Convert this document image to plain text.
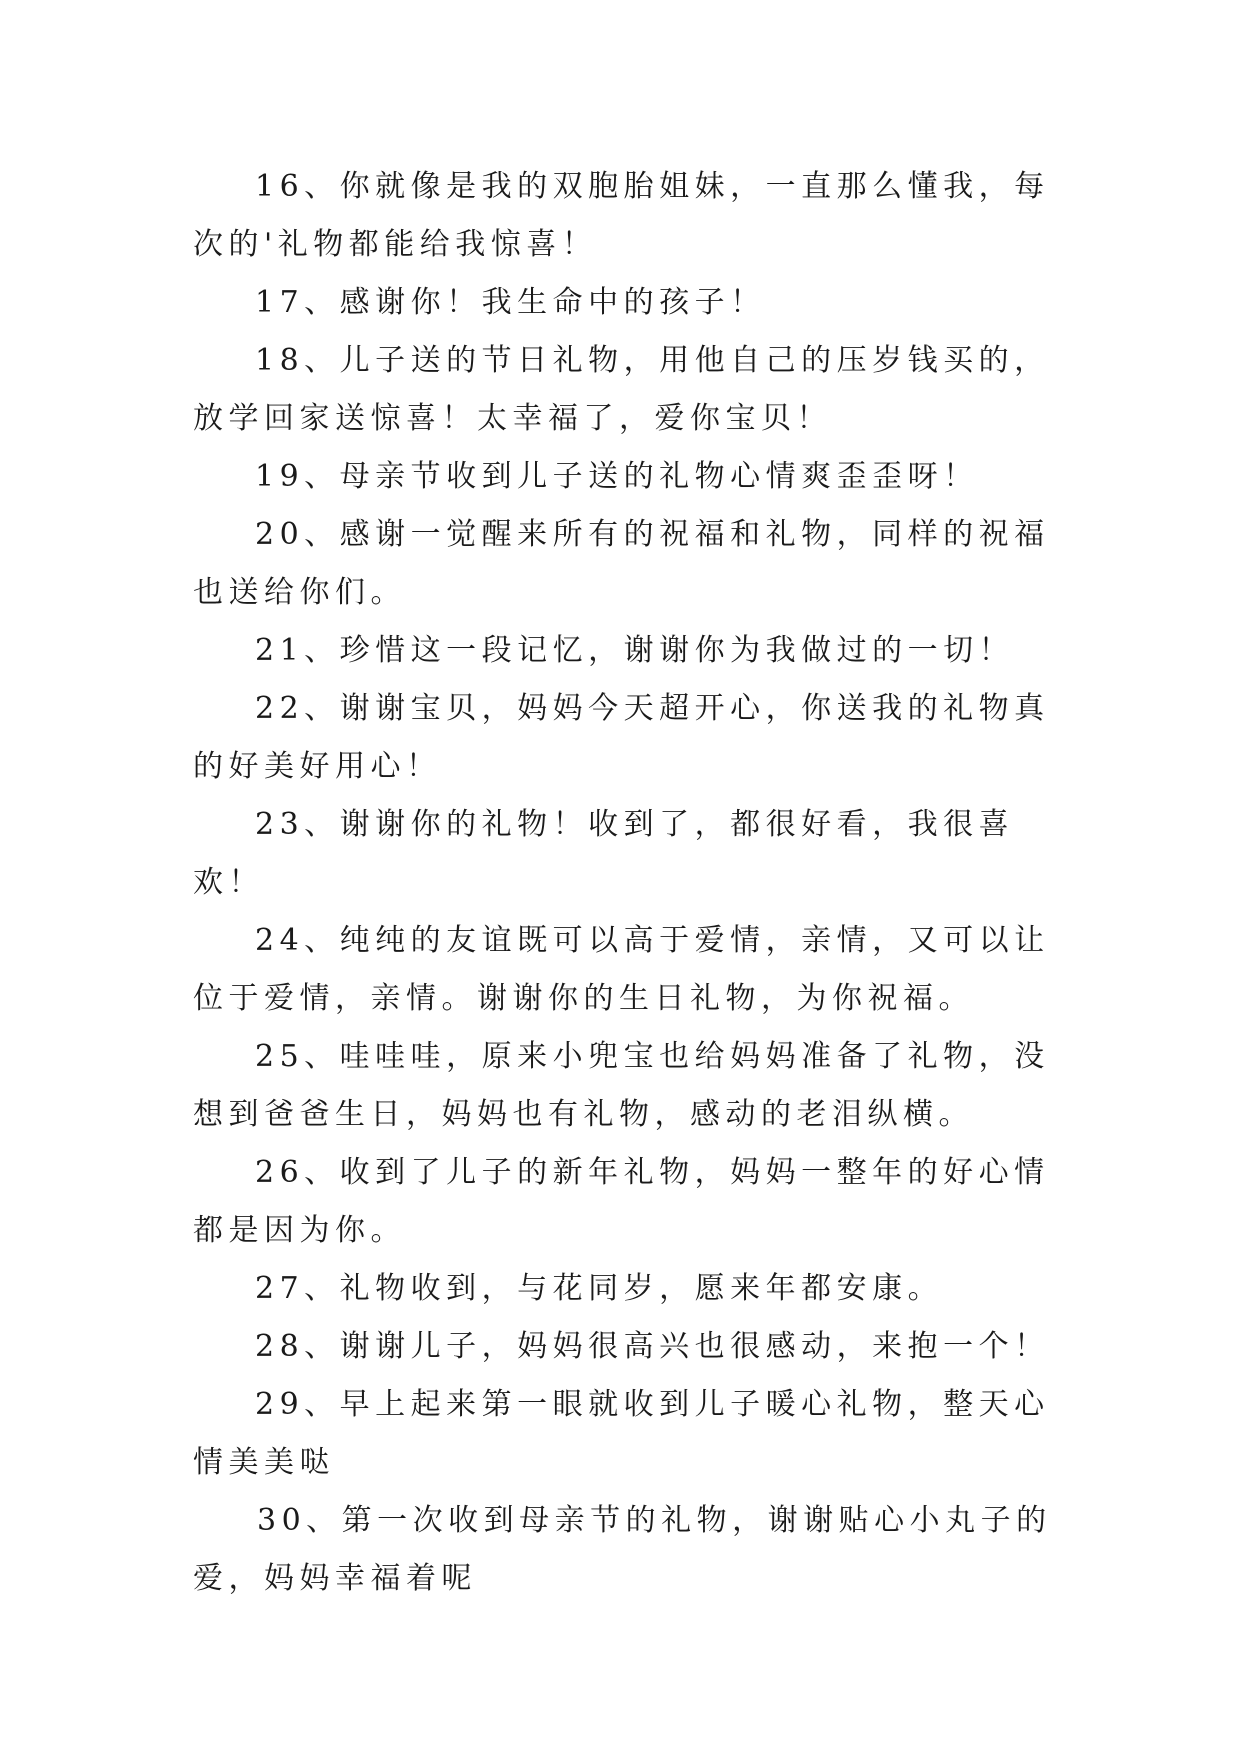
16、你就像是我的双胞胎姐妹，一直那么懂我，每次的'礼物都能给我惊喜！

17、感谢你！我生命中的孩子！

18、儿子送的节日礼物，用他自己的压岁钱买的，放学回家送惊喜！太幸福了，爱你宝贝！

19、母亲节收到儿子送的礼物心情爽歪歪呀！

20、感谢一觉醒来所有的祝福和礼物，同样的祝福也送给你们。

21、珍惜这一段记忆，谢谢你为我做过的一切！

22、谢谢宝贝，妈妈今天超开心，你送我的礼物真的好美好用心！

23、谢谢你的礼物！收到了，都很好看，我很喜欢！

24、纯纯的友谊既可以高于爱情，亲情，又可以让位于爱情，亲情。谢谢你的生日礼物，为你祝福。

25、哇哇哇，原来小兜宝也给妈妈准备了礼物，没想到爸爸生日，妈妈也有礼物，感动的老泪纵横。

26、收到了儿子的新年礼物，妈妈一整年的好心情都是因为你。

27、礼物收到，与花同岁，愿来年都安康。

28、谢谢儿子，妈妈很高兴也很感动，来抱一个！

29、早上起来第一眼就收到儿子暖心礼物，整天心情美美哒

30、第一次收到母亲节的礼物，谢谢贴心小丸子的爱，妈妈幸福着呢
